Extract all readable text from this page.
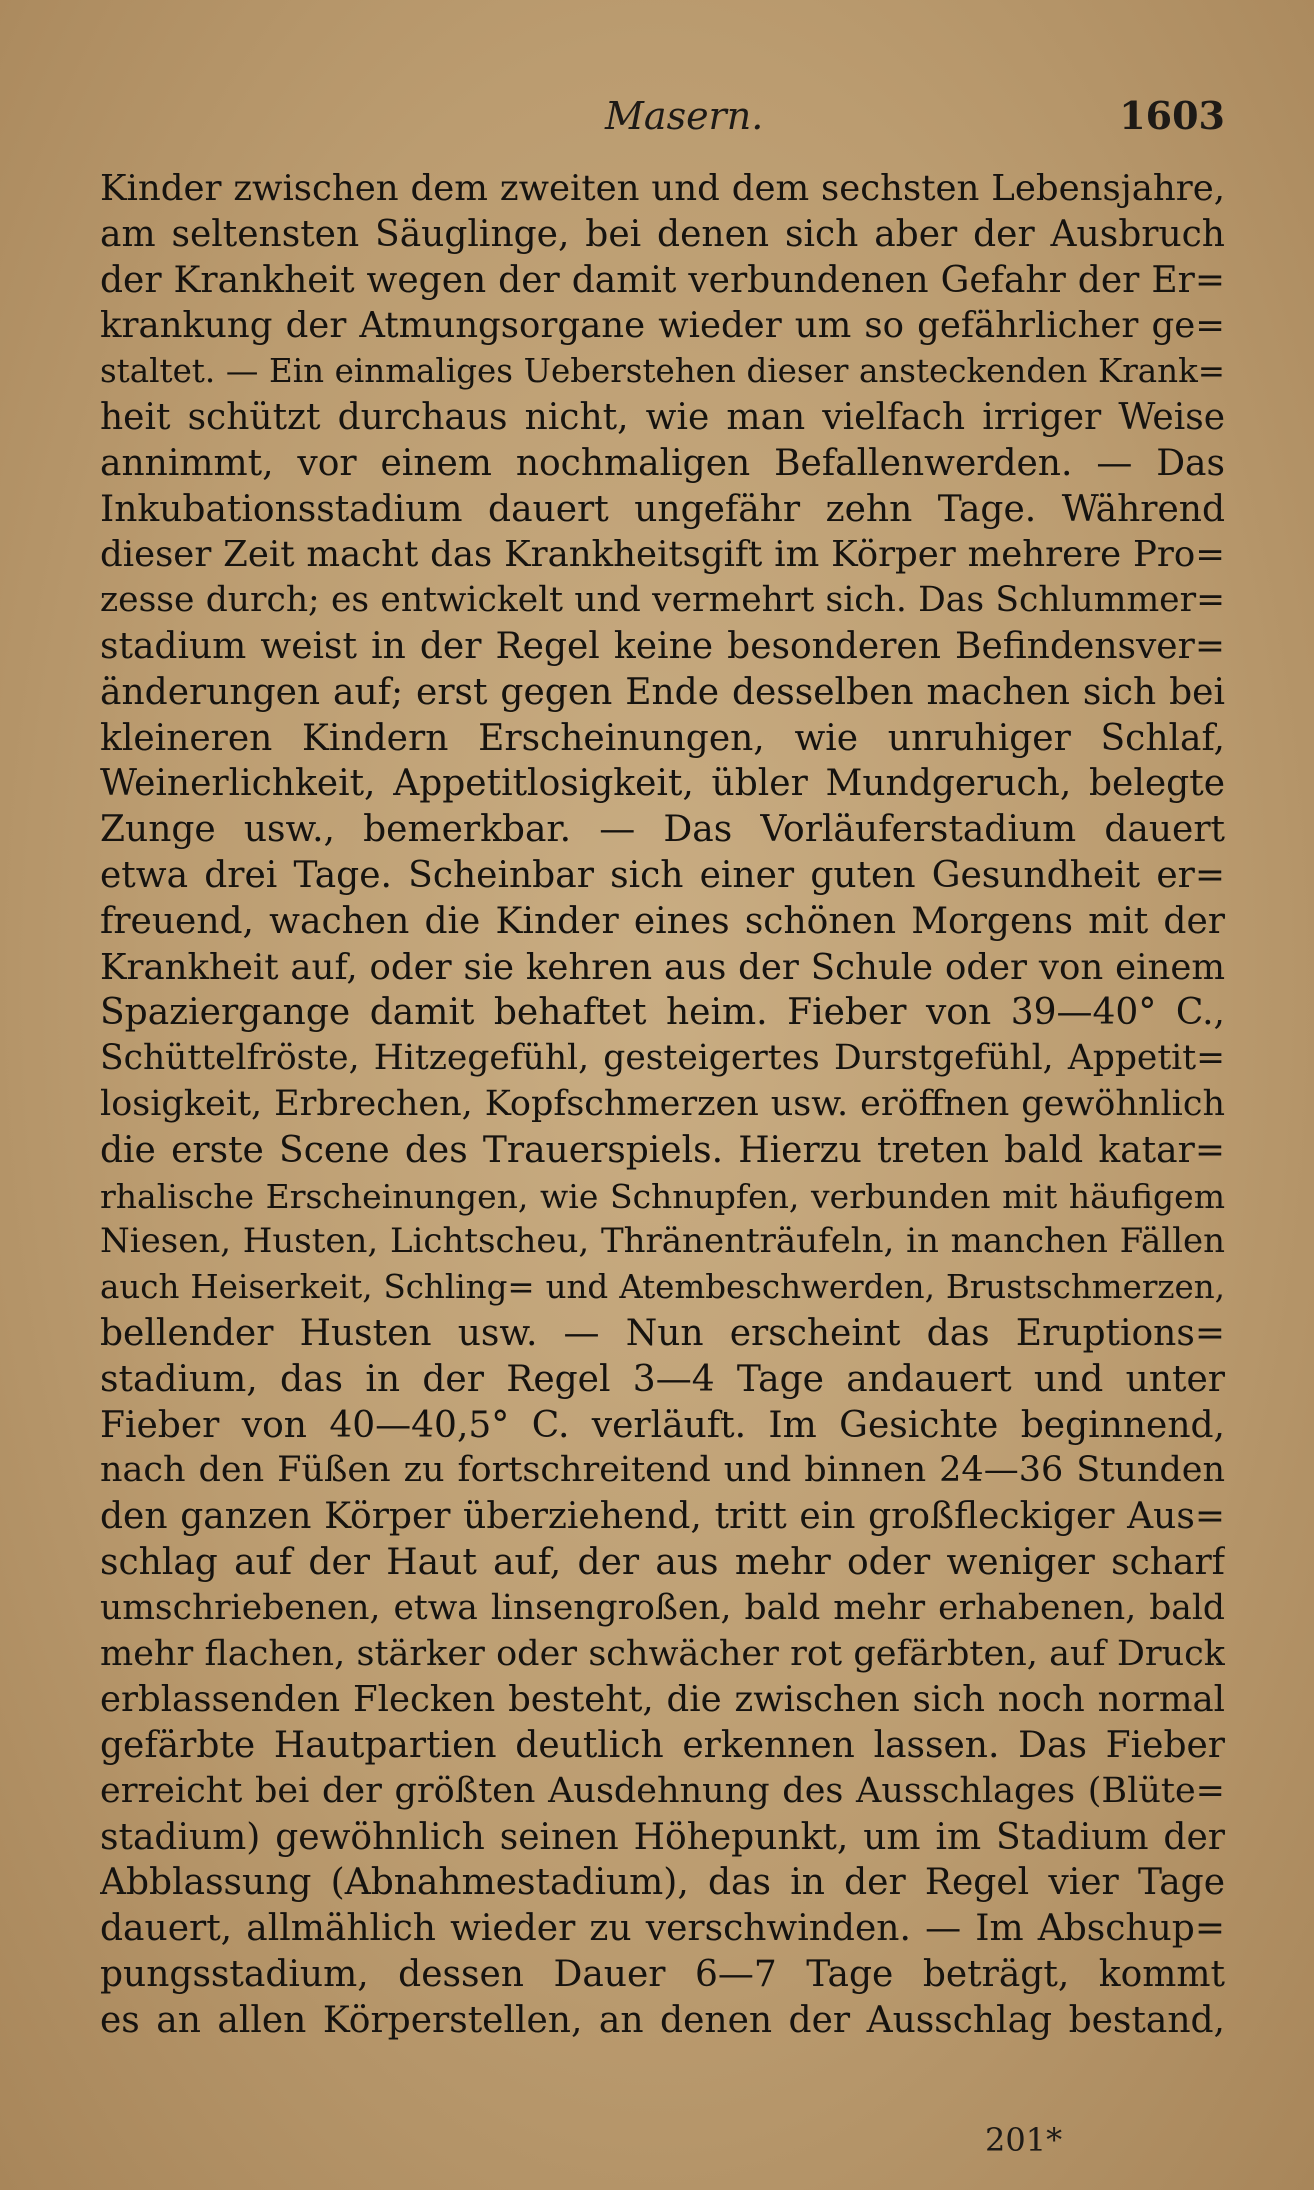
Masern.	1603
Kinder zwischen dem zweiten und dem sechsten Lebensjahre,
am seltensten Säuglinge, bei denen sich aber der Ausbruch
der Krankheit wegen der damit verbundenen Gefahr der Er=
krankung der Atmungsorgane wieder um so gefährlicher ge=
staltet. — Ein einmaliges Ueberstehen dieser ansteckenden Krank=
heit schützt durchaus nicht, wie man vielfach irriger Weise
annimmt, vor einem nochmaligen Befallenwerden. — Das
Inkubationsstadium dauert ungefähr zehn Tage. Während
dieser Zeit macht das Krankheitsgift im Körper mehrere Pro=
zesse durch; es entwickelt und vermehrt sich. Das Schlummer=
stadium weist in der Regel keine besonderen Befindensver=
änderungen auf; erst gegen Ende desselben machen sich bei
kleineren Kindern Erscheinungen, wie unruhiger Schlaf,
Weinerlichkeit, Appetitlosigkeit, übler Mundgeruch, belegte
Zunge usw., bemerkbar. — Das Vorläuferstadium dauert
etwa drei Tage. Scheinbar sich einer guten Gesundheit er=
freuend, wachen die Kinder eines schönen Morgens mit der
Krankheit auf, oder sie kehren aus der Schule oder von einem
Spaziergange damit behaftet heim. Fieber von 39—40° C.,
Schüttelfröste, Hitzegefühl, gesteigertes Durstgefühl, Appetit=
losigkeit, Erbrechen, Kopfschmerzen usw. eröffnen gewöhnlich
die erste Scene des Trauerspiels. Hierzu treten bald katar=
rhalische Erscheinungen, wie Schnupfen, verbunden mit häufigem
Niesen, Husten, Lichtscheu, Thränenträufeln, in manchen Fällen
auch Heiserkeit, Schling= und Atembeschwerden, Brustschmerzen,
bellender Husten usw. — Nun erscheint das Eruptions=
stadium, das in der Regel 3—4 Tage andauert und unter
Fieber von 40—40,5° C. verläuft. Im Gesichte beginnend,
nach den Füßen zu fortschreitend und binnen 24—36 Stunden
den ganzen Körper überziehend, tritt ein großfleckiger Aus=
schlag auf der Haut auf, der aus mehr oder weniger scharf
umschriebenen, etwa linsengroßen, bald mehr erhabenen, bald
mehr flachen, stärker oder schwächer rot gefärbten, auf Druck
erblassenden Flecken besteht, die zwischen sich noch normal
gefärbte Hautpartien deutlich erkennen lassen. Das Fieber
erreicht bei der größten Ausdehnung des Ausschlages (Blüte=
stadium) gewöhnlich seinen Höhepunkt, um im Stadium der
Abblassung (Abnahmestadium), das in der Regel vier Tage
dauert, allmählich wieder zu verschwinden. — Im Abschup=
pungsstadium, dessen Dauer 6—7 Tage beträgt, kommt
es an allen Körperstellen, an denen der Ausschlag bestand,
201*
